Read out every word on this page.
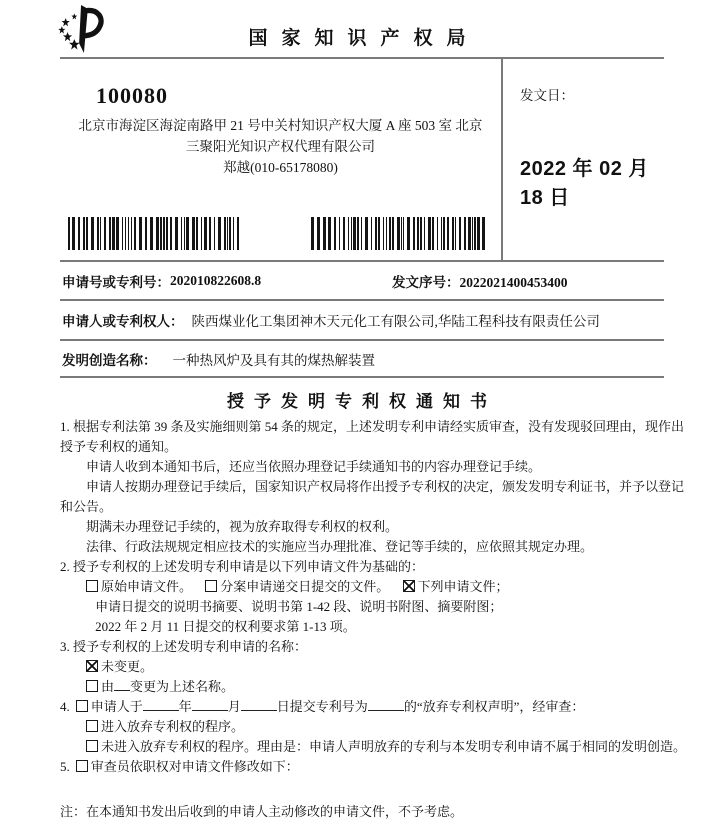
国家知识产权局
100080
北京市海淀区海淀南路甲 21 号中关村知识产权大厦 A 座 503 室 北京
三聚阳光知识产权代理有限公司
郑越(010-65178080)
发文日：
2022 年 02 月 18 日
申请号或专利号： 202010822608.8	发文序号：2022021400453400
申请人或专利权人： 陕西煤业化工集团神木天元化工有限公司,华陆工程科技有限责任公司
发明创造名称： 一种热风炉及具有其的煤热解装置
授予发明专利权通知书
1. 根据专利法第 39 条及实施细则第 54 条的规定，上述发明专利申请经实质审查，没有发现驳回理由，现作出授予专利权的通知。
申请人收到本通知书后，还应当依照办理登记手续通知书的内容办理登记手续。
申请人按期办理登记手续后，国家知识产权局将作出授予专利权的决定，颁发发明专利证书，并予以登记和公告。
期满未办理登记手续的，视为放弃取得专利权的权利。
法律、行政法规规定相应技术的实施应当办理批准、登记等手续的，应依照其规定办理。
2. 授予专利权的上述发明专利申请是以下列申请文件为基础的：
原始申请文件。 分案申请递交日提交的文件。 下列申请文件；
申请日提交的说明书摘要、说明书第 1-42 段、说明书附图、摘要附图；
2022 年 2 月 11 日提交的权利要求第 1-13 项。
3. 授予专利权的上述发明专利申请的名称：
未变更。
由 变更为上述名称。
4. 申请人于	年	月	日提交专利号为	的“放弃专利权声明”，经审查：
进入放弃专利权的程序。
未进入放弃专利权的程序。理由是：申请人声明放弃的专利与本发明专利申请不属于相同的发明创造。
5. 审查员依职权对申请文件修改如下：
注：在本通知书发出后收到的申请人主动修改的申请文件，不予考虑。
